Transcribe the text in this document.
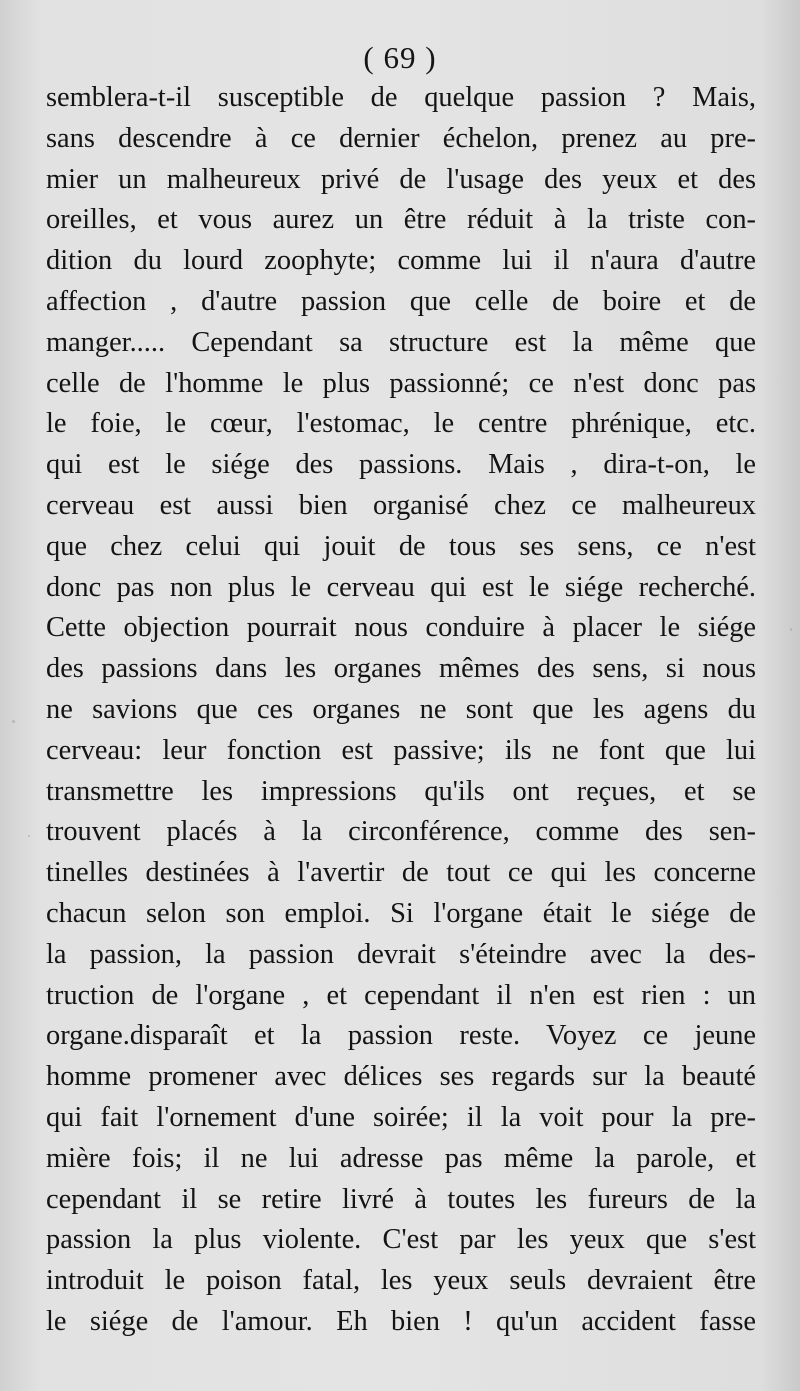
( 69 )
semblera-t-il susceptible de quelque passion ? Mais,
sans descendre à ce dernier échelon, prenez au pre-
mier un malheureux privé de l'usage des yeux et des
oreilles, et vous aurez un être réduit à la triste con-
dition du lourd zoophyte; comme lui il n'aura d'autre
affection , d'autre passion que celle de boire et de
manger..... Cependant sa structure est la même que
celle de l'homme le plus passionné; ce n'est donc pas
le foie, le cœur, l'estomac, le centre phrénique, etc.
qui est le siége des passions. Mais , dira-t-on, le
cerveau est aussi bien organisé chez ce malheureux
que chez celui qui jouit de tous ses sens, ce n'est
donc pas non plus le cerveau qui est le siége recherché.
Cette objection pourrait nous conduire à placer le siége
des passions dans les organes mêmes des sens, si nous
ne savions que ces organes ne sont que les agens du
cerveau: leur fonction est passive; ils ne font que lui
transmettre les impressions qu'ils ont reçues, et se
trouvent placés à la circonférence, comme des sen-
tinelles destinées à l'avertir de tout ce qui les concerne
chacun selon son emploi. Si l'organe était le siége de
la passion, la passion devrait s'éteindre avec la des-
truction de l'organe , et cependant il n'en est rien : un
organe.disparaît et la passion reste. Voyez ce jeune
homme promener avec délices ses regards sur la beauté
qui fait l'ornement d'une soirée; il la voit pour la pre-
mière fois; il ne lui adresse pas même la parole, et
cependant il se retire livré à toutes les fureurs de la
passion la plus violente. C'est par les yeux que s'est
introduit le poison fatal, les yeux seuls devraient être
le siége de l'amour. Eh bien ! qu'un accident fasse
